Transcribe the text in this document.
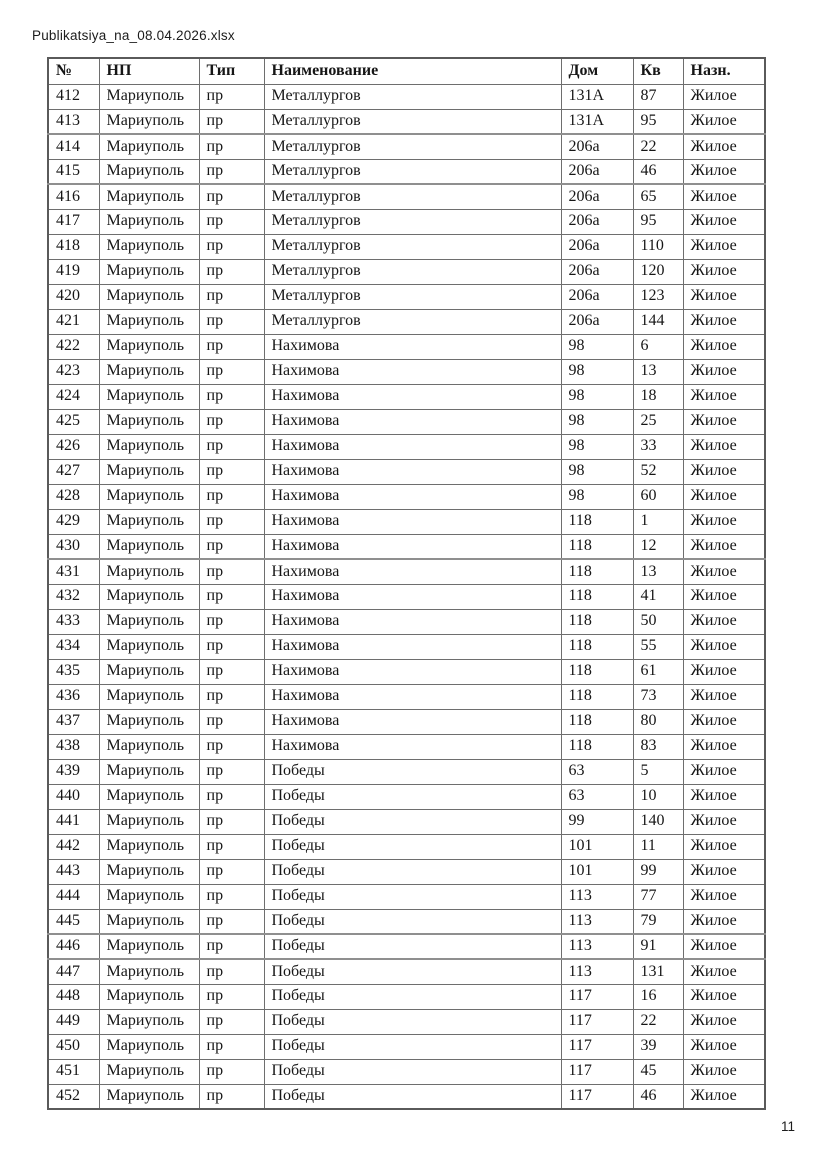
Publikatsiya_na_08.04.2026.xlsx
№	НП	Тип	Наименование	Дом	Кв	Назн.
412	Мариуполь	пр	Металлургов	131А	87	Жилое
413	Мариуполь	пр	Металлургов	131А	95	Жилое
414	Мариуполь	пр	Металлургов	206а	22	Жилое
415	Мариуполь	пр	Металлургов	206а	46	Жилое
416	Мариуполь	пр	Металлургов	206а	65	Жилое
417	Мариуполь	пр	Металлургов	206а	95	Жилое
418	Мариуполь	пр	Металлургов	206а	110	Жилое
419	Мариуполь	пр	Металлургов	206а	120	Жилое
420	Мариуполь	пр	Металлургов	206а	123	Жилое
421	Мариуполь	пр	Металлургов	206а	144	Жилое
422	Мариуполь	пр	Нахимова	98	6	Жилое
423	Мариуполь	пр	Нахимова	98	13	Жилое
424	Мариуполь	пр	Нахимова	98	18	Жилое
425	Мариуполь	пр	Нахимова	98	25	Жилое
426	Мариуполь	пр	Нахимова	98	33	Жилое
427	Мариуполь	пр	Нахимова	98	52	Жилое
428	Мариуполь	пр	Нахимова	98	60	Жилое
429	Мариуполь	пр	Нахимова	118	1	Жилое
430	Мариуполь	пр	Нахимова	118	12	Жилое
431	Мариуполь	пр	Нахимова	118	13	Жилое
432	Мариуполь	пр	Нахимова	118	41	Жилое
433	Мариуполь	пр	Нахимова	118	50	Жилое
434	Мариуполь	пр	Нахимова	118	55	Жилое
435	Мариуполь	пр	Нахимова	118	61	Жилое
436	Мариуполь	пр	Нахимова	118	73	Жилое
437	Мариуполь	пр	Нахимова	118	80	Жилое
438	Мариуполь	пр	Нахимова	118	83	Жилое
439	Мариуполь	пр	Победы	63	5	Жилое
440	Мариуполь	пр	Победы	63	10	Жилое
441	Мариуполь	пр	Победы	99	140	Жилое
442	Мариуполь	пр	Победы	101	11	Жилое
443	Мариуполь	пр	Победы	101	99	Жилое
444	Мариуполь	пр	Победы	113	77	Жилое
445	Мариуполь	пр	Победы	113	79	Жилое
446	Мариуполь	пр	Победы	113	91	Жилое
447	Мариуполь	пр	Победы	113	131	Жилое
448	Мариуполь	пр	Победы	117	16	Жилое
449	Мариуполь	пр	Победы	117	22	Жилое
450	Мариуполь	пр	Победы	117	39	Жилое
451	Мариуполь	пр	Победы	117	45	Жилое
452	Мариуполь	пр	Победы	117	46	Жилое
11
